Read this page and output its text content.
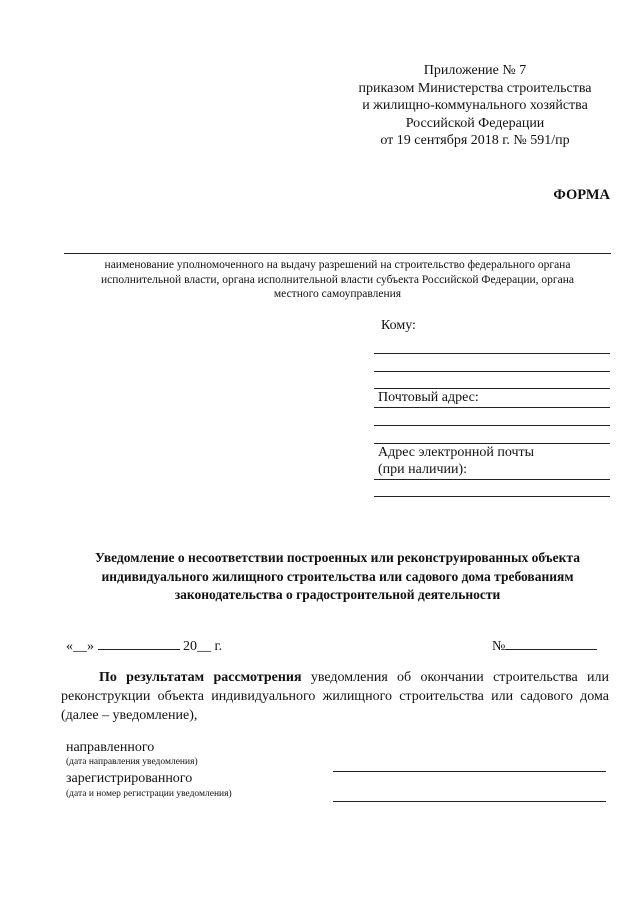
Приложение № 7
приказом Министерства строительства
и жилищно-коммунального хозяйства
Российской Федерации
от 19 сентября 2018 г. № 591/пр
ФОРМА
наименование уполномоченного на выдачу разрешений на строительство федерального органа
исполнительной власти, органа исполнительной власти субъекта Российской Федерации, органа
местного самоуправления
Кому:
Почтовый адрес:
Адрес электронной почты
(при наличии):
Уведомление о несоответствии построенных или реконструированных объекта
индивидуального жилищного строительства или садового дома требованиям
законодательства о градостроительной деятельности
«__»	20__ г.	№
По результатам рассмотрения уведомления об окончании строительства или реконструкции объекта индивидуального жилищного строительства или садового дома (далее – уведомление),
направленного
(дата направления уведомления)
зарегистрированного
(дата и номер регистрации уведомления)
